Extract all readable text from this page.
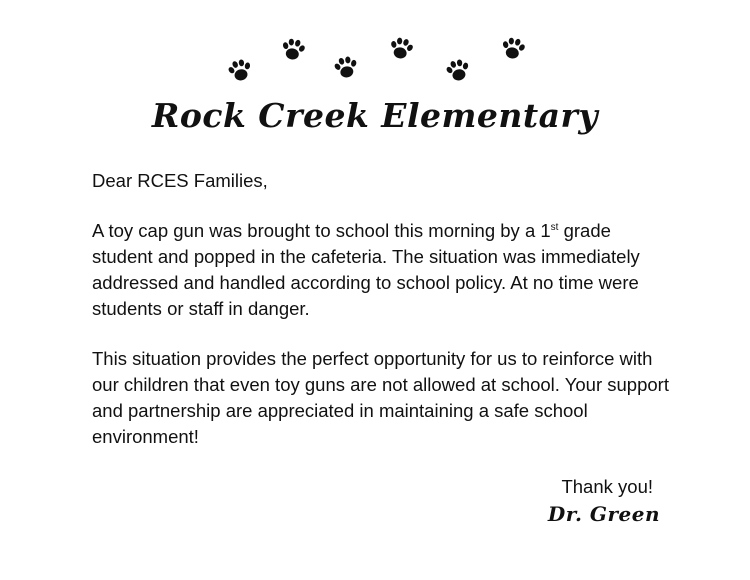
Rock Creek Elementary

Dear RCES Families,

A toy cap gun was brought to school this morning by a 1st grade student and popped in the cafeteria. The situation was immediately addressed and handled according to school policy. At no time were students or staff in danger.

This situation provides the perfect opportunity for us to reinforce with our children that even toy guns are not allowed at school. Your support and partnership are appreciated in maintaining a safe school environment!

Thank you!
Dr. Green
